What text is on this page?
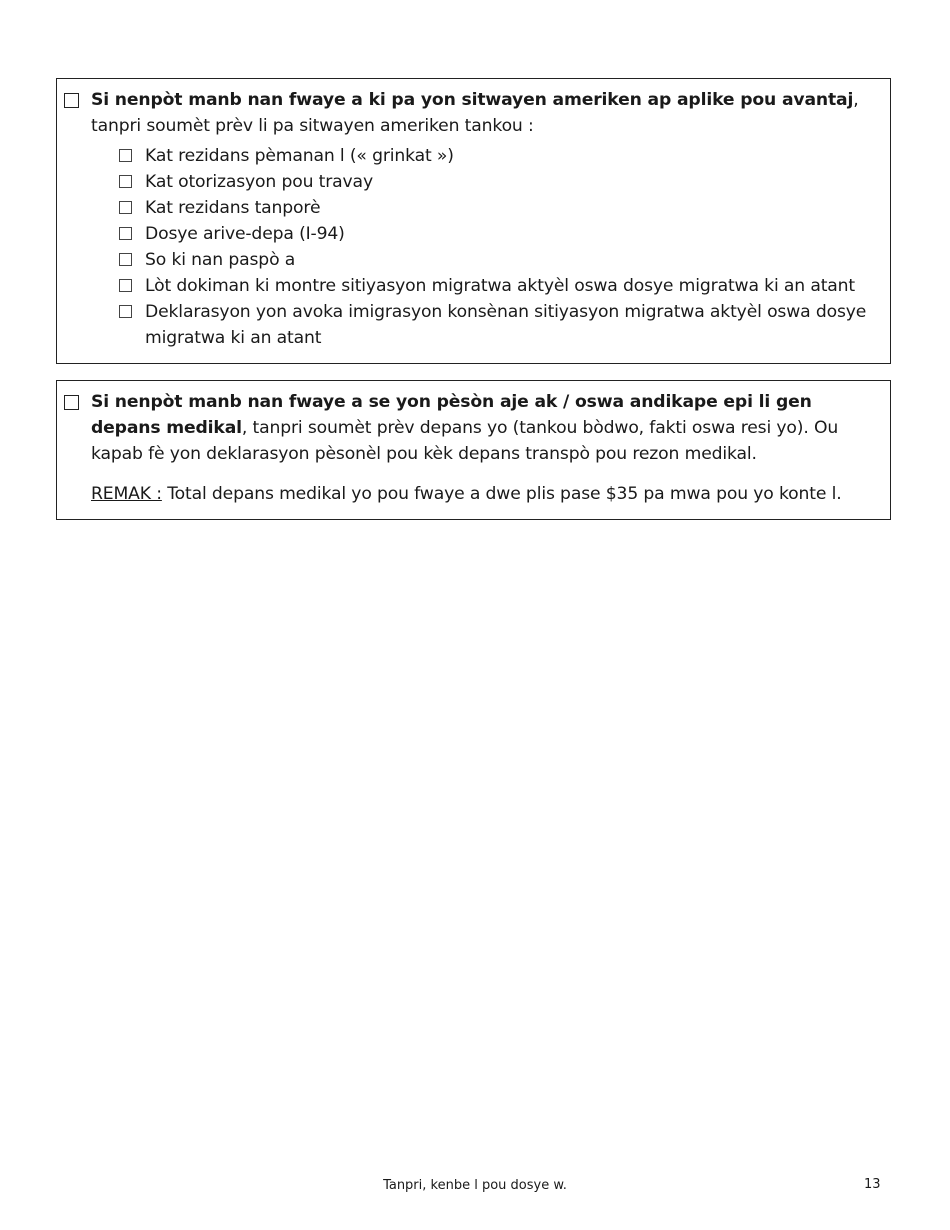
Si nenpòt manb nan fwaye a ki pa yon sitwayen ameriken ap aplike pou avantaj, tanpri soumèt prèv li pa sitwayen ameriken tankou :
Kat rezidans pèmanan l (« grinkat »)
Kat otorizasyon pou travay
Kat rezidans tanporè
Dosye arive-depa (I-94)
So ki nan paspò a
Lòt dokiman ki montre sitiyasyon migratwa aktyèl oswa dosye migratwa ki an atant
Deklarasyon yon avoka imigrasyon konsènan sitiyasyon migratwa aktyèl oswa dosye migratwa ki an atant
Si nenpòt manb nan fwaye a se yon pèsòn aje ak / oswa andikape epi li gen depans medikal, tanpri soumèt prèv depans yo (tankou bòdwo, fakti oswa resi yo). Ou kapab fè yon deklarasyon pèsonèl pou kèk depans transpò pou rezon medikal.
REMAK : Total depans medikal yo pou fwaye a dwe plis pase $35 pa mwa pou yo konte l.
Tanpri, kenbe l pou dosye w.	13
